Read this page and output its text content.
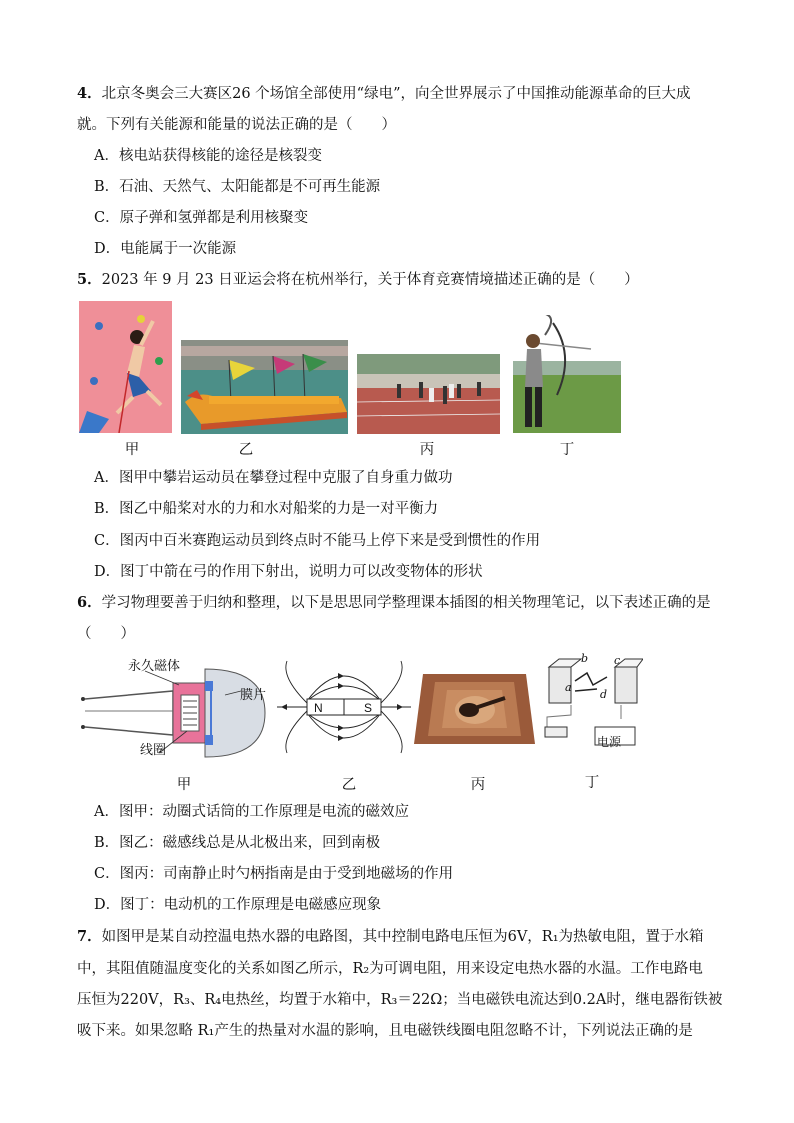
4．北京冬奥会三大赛区26 个场馆全部使用“绿电”，向全世界展示了中国推动能源革命的巨大成
就。下列有关能源和能量的说法正确的是（　　）
A．核电站获得核能的途径是核裂变
B．石油、天然气、太阳能都是不可再生能源
C．原子弹和氢弹都是利用核聚变
D．电能属于一次能源
5．2023 年 9 月 23 日亚运会将在杭州举行，关于体育竞赛情境描述正确的是（　　）
甲	乙	丙	丁
A．图甲中攀岩运动员在攀登过程中克服了自身重力做功
B．图乙中船桨对水的力和水对船桨的力是一对平衡力
C．图丙中百米赛跑运动员到终点时不能马上停下来是受到惯性的作用
D．图丁中箭在弓的作用下射出，说明力可以改变物体的形状
6．学习物理要善于归纳和整理，以下是思思同学整理课本插图的相关物理笔记，以下表述正确的是
（　　）
永久磁体
膜片
线圈
N	S
b c
a
d
电源
甲	乙	丙	丁
A．图甲：动圈式话筒的工作原理是电流的磁效应
B．图乙：磁感线总是从北极出来，回到南极
C．图丙：司南静止时勺柄指南是由于受到地磁场的作用
D．图丁：电动机的工作原理是电磁感应现象
7．如图甲是某自动控温电热水器的电路图，其中控制电路电压恒为6V，R₁为热敏电阻，置于水箱
中，其阻值随温度变化的关系如图乙所示，R₂为可调电阻，用来设定电热水器的水温。工作电路电
压恒为220V，R₃、R₄电热丝，均置于水箱中，R₃＝22Ω；当电磁铁电流达到0.2A时，继电器衔铁被
吸下来。如果忽略 R₁产生的热量对水温的影响，且电磁铁线圈电阻忽略不计，下列说法正确的是
